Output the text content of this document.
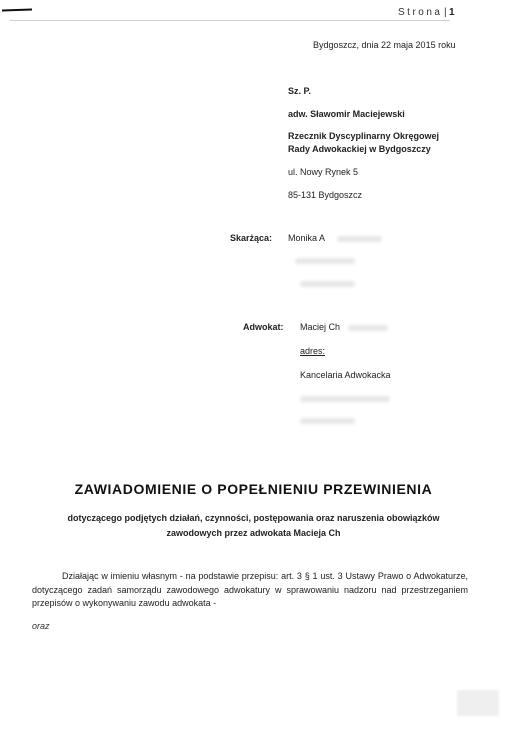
Strona | 1
Bydgoszcz, dnia 22 maja 2015 roku
Sz. P.
adw. Sławomir Maciejewski
Rzecznik Dyscyplinarny Okręgowej
Rady Adwokackiej w Bydgoszczy
ul. Nowy Rynek 5
85-131 Bydgoszcz
Skarżąca: Monika A
Adwokat: Maciej Ch
adres:
Kancelaria Adwokacka
ZAWIADOMIENIE O POPEŁNIENIU PRZEWINIENIA
dotyczącego podjętych działań, czynności, postępowania oraz naruszenia obowiązków
zawodowych przez adwokata Macieja Ch
Działając w imieniu własnym - na podstawie przepisu: art. 3 § 1 ust. 3 Ustawy Prawo o Adwokaturze, dotyczącego zadań samorządu zawodowego adwokatury w sprawowaniu nadzoru nad przestrzeganiem przepisów o wykonywaniu zawodu adwokata -
oraz
